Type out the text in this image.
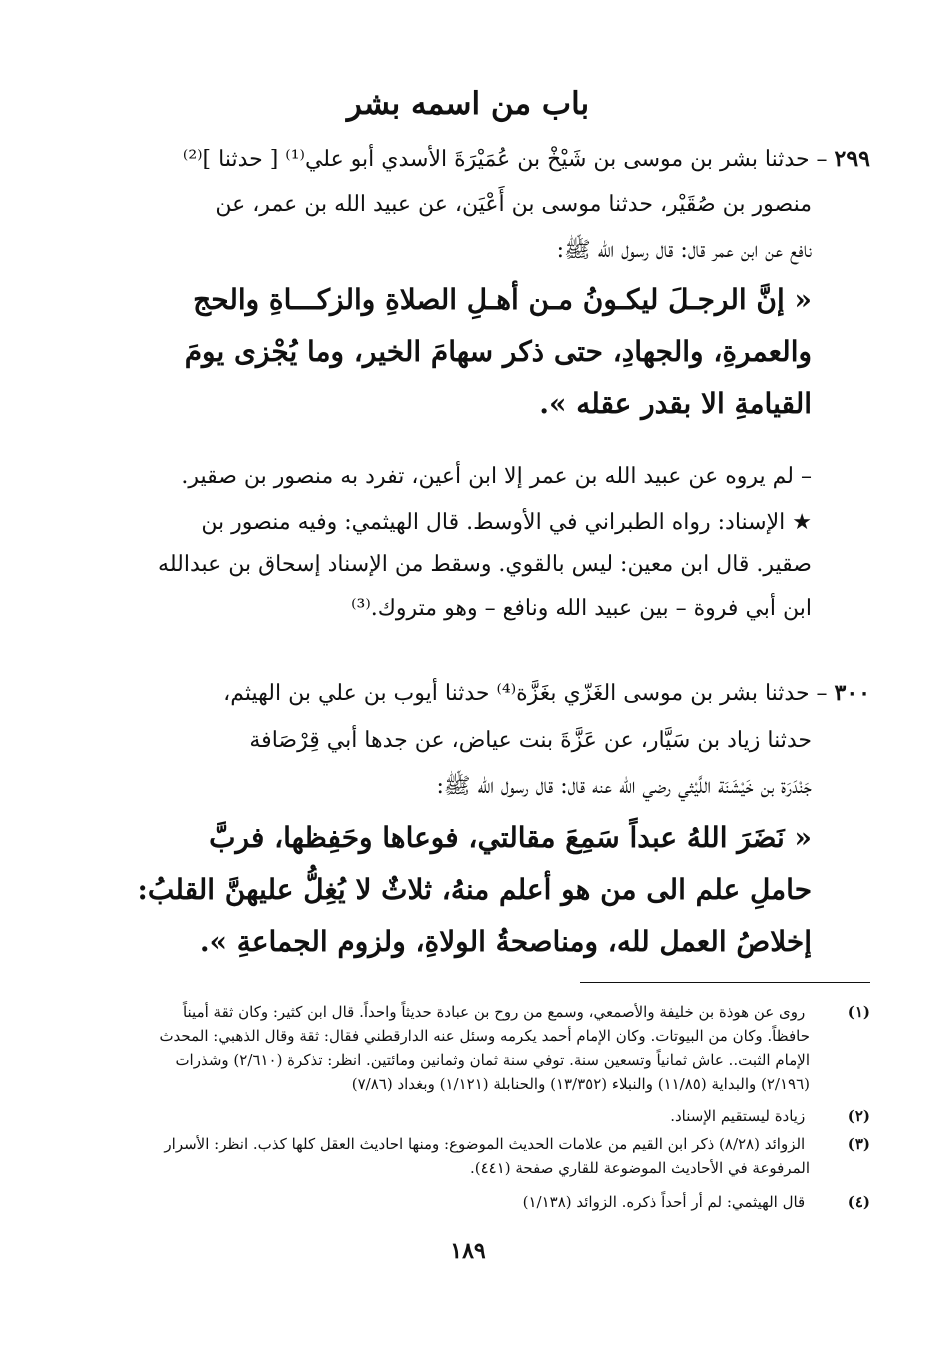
باب من اسمه بشر
٢٩٩ – حدثنا بشر بن موسى بن شَيْخْ بن عُمَيْرَةَ الأسدي أبو علي⁽¹⁾ [ حدثنا ]⁽²⁾
منصور بن صُقَيْر، حدثنا موسى بن أَعْيَن، عن عبيد الله بن عمر، عن
نافع عن ابن عمر قال: قال رسول الله ﷺ:
« إنَّ الرجـلَ ليكـونُ مـن أهـلِ الصلاةِ والزكـــاةِ والحج
والعمرةِ، والجهادِ، حتى ذكر سهامَ الخير، وما يُجْزى يومَ
القيامةِ الا بقدر عقله ».
– لم يروه عن عبيد الله بن عمر إلا ابن أعين، تفرد به منصور بن صقير.
★ الإسناد: رواه الطبراني في الأوسط. قال الهيثمي: وفيه منصور بن
صقير. قال ابن معين: ليس بالقوي. وسقط من الإسناد إسحاق بن عبدالله
ابن أبي فروة – بين عبيد الله ونافع – وهو متروك.⁽³⁾
٣٠٠ – حدثنا بشر بن موسى الغَزّي بغَزَّة⁽⁴⁾ حدثنا أيوب بن علي بن الهيثم،
حدثنا زياد بن سَيَّار، عن عَزَّةَ بنت عياض، عن جدها أبي قِرْصَافة
جَنْدَرَة بن خَيْشَنَة اللَّيْثي رضي الله عنه قال: قال رسول الله ﷺ:
« نَضَرَ اللهُ عبداً سَمِعَ مقالتي، فوعاها وحَفِظها، فربَّ
حاملِ علم الى من هو أعلم منهُ، ثلاثٌ لا يُغِلُّ عليهنَّ القلبُ:
إخلاصُ العمل لله، ومناصحةُ الولاةِ، ولزوم الجماعةِ ».
(١) روى عن هوذة بن خليفة والأصمعي، وسمع من روح بن عبادة حديثاً واحداً. قال ابن كثير: وكان ثقة أميناً
حافظاً. وكان من البيوتات. وكان الإمام أحمد يكرمه وسئل عنه الدارقطني فقال: ثقة وقال الذهبي: المحدث
الإمام الثبت.. عاش ثمانياً وتسعين سنة. توفي سنة ثمان وثمانين ومائتين. انظر: تذكرة (٢/٦١٠) وشذرات
(٢/١٩٦) والبداية (١١/٨٥) والنبلاء (١٣/٣٥٢) والحنابلة (١/١٢١) وبغداد (٧/٨٦)
(٢) زيادة ليستقيم الإسناد.
(٣) الزوائد (٨/٢٨) ذكر ابن القيم من علامات الحديث الموضوع: ومنها احاديث العقل كلها كذب. انظر: الأسرار
المرفوعة في الأحاديث الموضوعة للقاري صفحة (٤٤١).
(٤) قال الهيثمي: لم أر أحداً ذكره. الزوائد (١/١٣٨)
١٨٩
